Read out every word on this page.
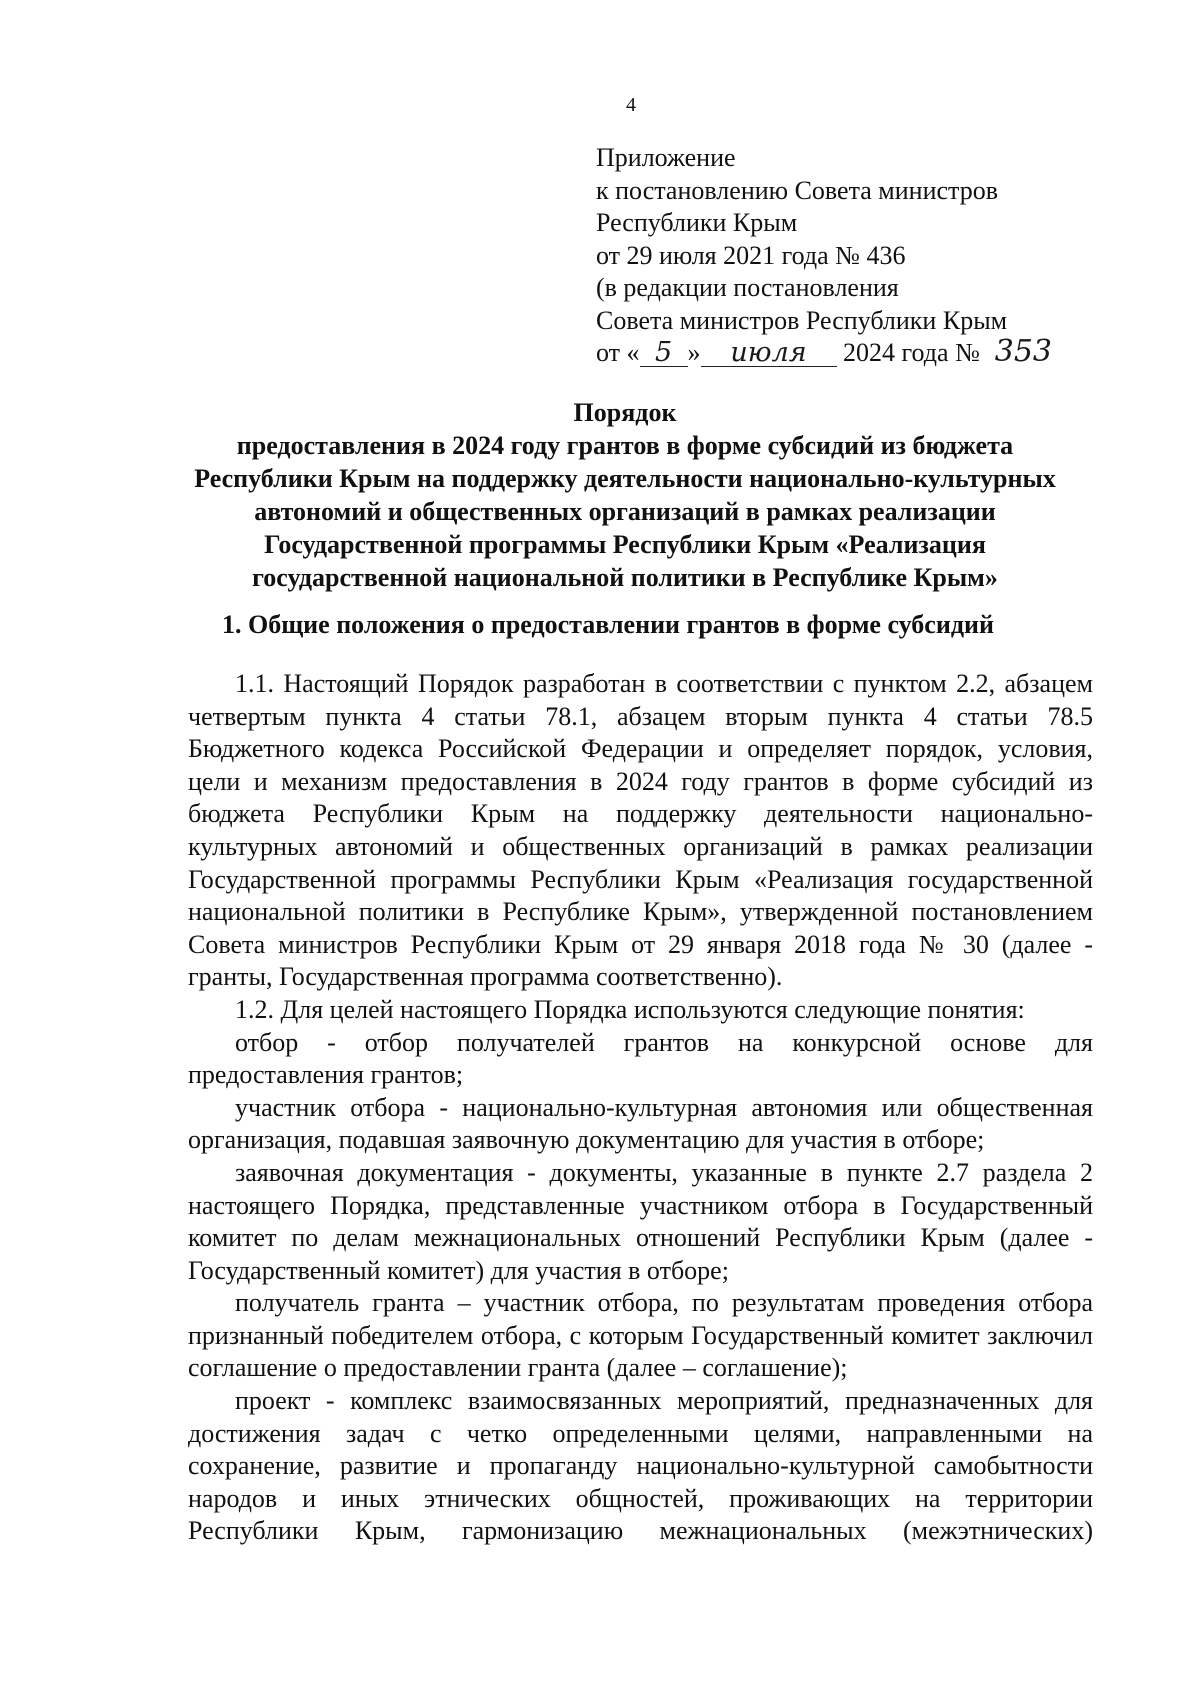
4
Приложение
к постановлению Совета министров
Республики Крым
от 29 июля 2021 года № 436
(в редакции постановления
Совета министров Республики Крым
от « 5 » июля 2024 года № 353
Порядок
предоставления в 2024 году грантов в форме субсидий из бюджета
Республики Крым на поддержку деятельности национально-культурных
автономий и общественных организаций в рамках реализации
Государственной программы Республики Крым «Реализация
государственной национальной политики в Республике Крым»
1. Общие положения о предоставлении грантов в форме субсидий

1.1. Настоящий Порядок разработан в соответствии с пунктом 2.2, абзацем четвертым пункта 4 статьи 78.1, абзацем вторым пункта 4 статьи 78.5 Бюджетного кодекса Российской Федерации и определяет порядок, условия, цели и механизм предоставления в 2024 году грантов в форме субсидий из бюджета Республики Крым на поддержку деятельности национально-культурных автономий и общественных организаций в рамках реализации Государственной программы Республики Крым «Реализация государственной национальной политики в Республике Крым», утвержденной постановлением Совета министров Республики Крым от 29 января 2018 года № 30 (далее - гранты, Государственная программа соответственно).

1.2. Для целей настоящего Порядка используются следующие понятия:

отбор - отбор получателей грантов на конкурсной основе для предоставления грантов;

участник отбора - национально-культурная автономия или общественная организация, подавшая заявочную документацию для участия в отборе;

заявочная документация - документы, указанные в пункте 2.7 раздела 2 настоящего Порядка, представленные участником отбора в Государственный комитет по делам межнациональных отношений Республики Крым (далее - Государственный комитет) для участия в отборе;

получатель гранта – участник отбора, по результатам проведения отбора признанный победителем отбора, с которым Государственный комитет заключил соглашение о предоставлении гранта (далее – соглашение);

проект - комплекс взаимосвязанных мероприятий, предназначенных для достижения задач с четко определенными целями, направленными на сохранение, развитие и пропаганду национально-культурной самобытности народов и иных этнических общностей, проживающих на территории Республики Крым, гармонизацию межнациональных (межэтнических)
